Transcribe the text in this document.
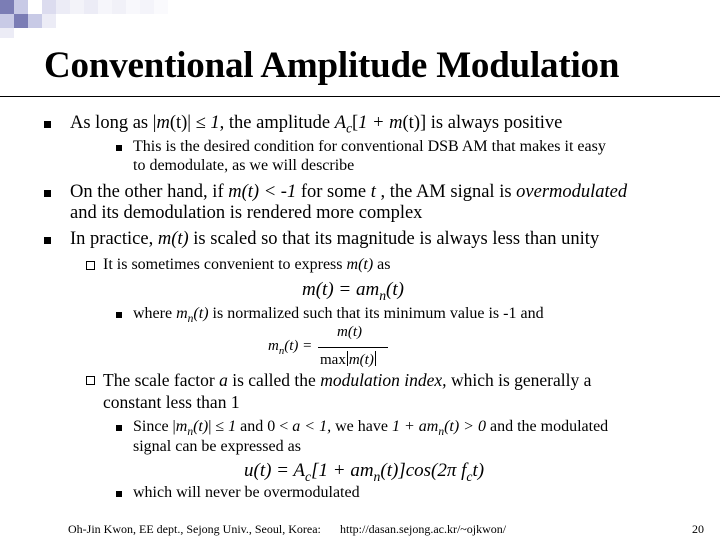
Conventional Amplitude Modulation
As long as |m(t)| ≤ 1, the amplitude $A_c[1 + m(t)]$ is always positive
This is the desired condition for conventional DSB AM that makes it easy
to demodulate, as we will describe
On the other hand, if m(t) < -1 for some t , the AM signal is overmodulated
and its demodulation is rendered more complex
In practice, m(t) is scaled so that its magnitude is always less than unity
It is sometimes convenient to express m(t) as
$m(t) = am_n(t)$
where $m_n(t)$ is normalized such that its minimum value is -1 and
$m_n(t)$ =
m(t)
max m(t)
The scale factor a is called the modulation index, which is generally a
constant less than 1
Since $|m_n(t)| \le 1$ and 0 < a < 1, we have $1 + am_n(t) > 0$ and the modulated
signal can be expressed as
$u(t) = A_c[1 + am_n(t)]\cos(2\pi$ $f_ct$)
which will never be overmodulated
Oh-Jin Kwon, EE dept., Sejong Univ., Seoul, Korea: http://dasan.sejong.ac.kr/~ojkwon/	20
